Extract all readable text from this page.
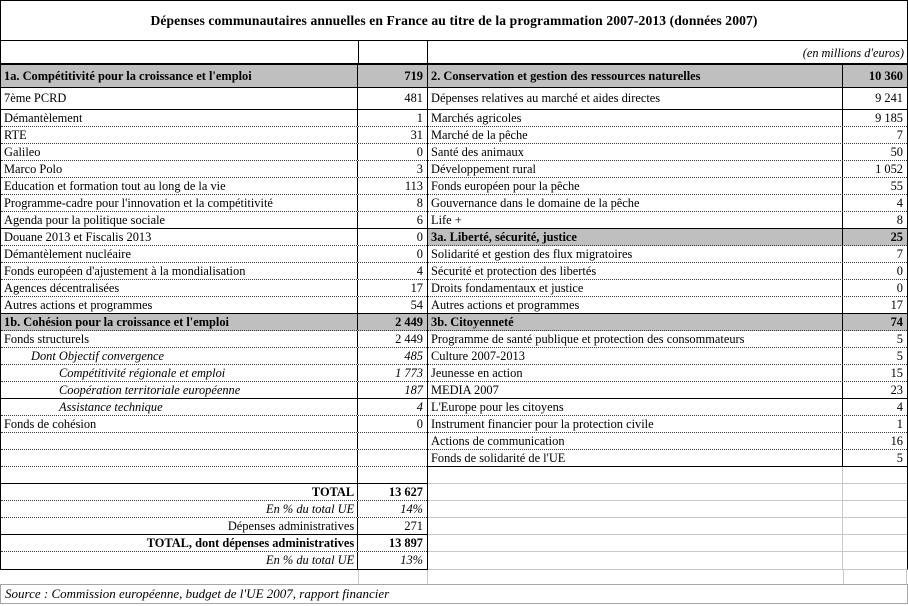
Dépenses communautaires annuelles en France au titre de la programmation 2007-2013 (données 2007)
(en millions d'euros)
1a. Compétitivité pour la croissance et l'emploi	719
7ème PCRD	481
Démantèlement	1
RTE	31
Galileo	0
Marco Polo	3
Education et formation tout au long de la vie	113
Programme-cadre pour l'innovation et la compétitivité	8
Agenda pour la politique sociale	6
Douane 2013 et Fiscalis 2013	0
Démantèlement nucléaire	0
Fonds européen d'ajustement à la mondialisation	4
Agences décentralisées	17
Autres actions et programmes	54
1b. Cohésion pour la croissance et l'emploi	2 449
Fonds structurels	2 449
Dont Objectif convergence	485
Compétitivité régionale et emploi	1 773
Coopération territoriale européenne	187
Assistance technique	4
Fonds de cohésion	0
TOTAL	13 627
En % du total UE	14%
Dépenses administratives	271
TOTAL, dont dépenses administratives	13 897
En % du total UE	13%
2. Conservation et gestion des ressources naturelles	10 360
Dépenses relatives au marché et aides directes	9 241
Marchés agricoles	9 185
Marché de la pêche	7
Santé des animaux	50
Développement rural	1 052
Fonds européen pour la pêche	55
Gouvernance dans le domaine de la pêche	4
Life +	8
3a. Liberté, sécurité, justice	25
Solidarité et gestion des flux migratoires	7
Sécurité et protection des libertés	0
Droits fondamentaux et justice	0
Autres actions et programmes	17
3b. Citoyenneté	74
Programme de santé publique et protection des consommateurs	5
Culture 2007-2013	5
Jeunesse en action	15
MEDIA 2007	23
L'Europe pour les citoyens	4
Instrument financier pour la protection civile	1
Actions de communication	16
Fonds de solidarité de l'UE	5
Source : Commission européenne, budget de l'UE 2007, rapport financier
